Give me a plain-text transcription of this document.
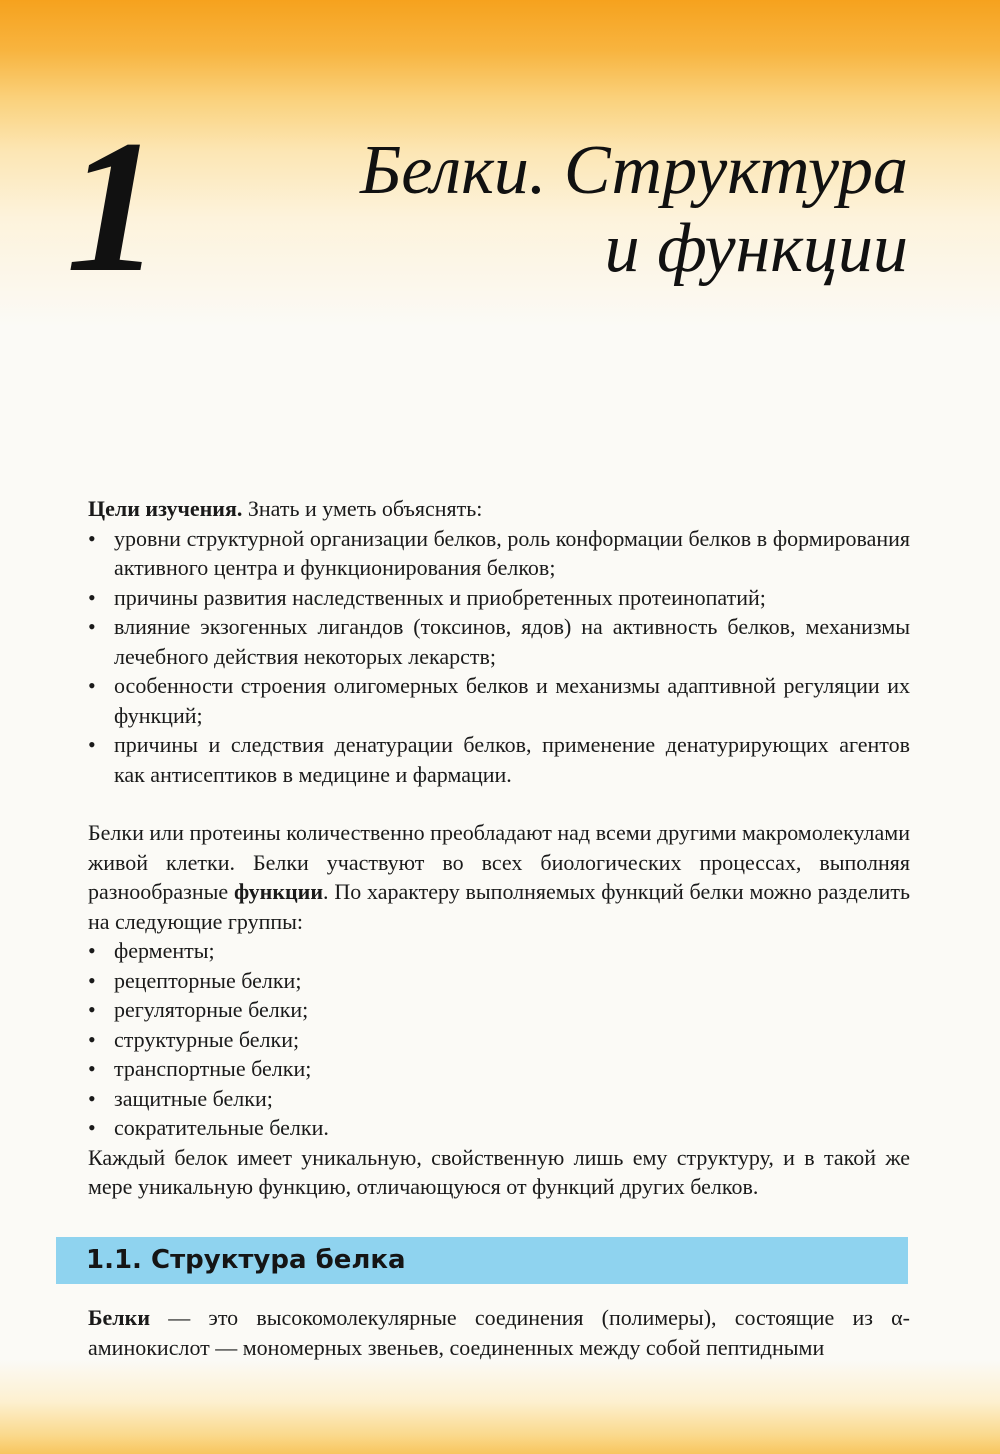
1	Белки. Структура
и функции

Цели изучения. Знать и уметь объяснять:

• уровни структурной организации белков, роль конформации белков в формирования активного центра и функционирования белков;
• причины развития наследственных и приобретенных протеинопатий;
• влияние экзогенных лигандов (токсинов, ядов) на активность белков, механизмы лечебного действия некоторых лекарств;
• особенности строения олигомерных белков и механизмы адаптивной регуляции их функций;
• причины и следствия денатурации белков, применение денатурирующих агентов как антисептиков в медицине и фармации.

Белки или протеины количественно преобладают над всеми другими макромолекулами живой клетки. Белки участвуют во всех биологических процессах, выполняя разнообразные функции. По характеру выполняемых функций белки можно разделить на следующие группы:

• ферменты;
• рецепторные белки;
• регуляторные белки;
• структурные белки;
• транспортные белки;
• защитные белки;
• сократительные белки.

Каждый белок имеет уникальную, свойственную лишь ему структуру, и в такой же мере уникальную функцию, отличающуюся от функций других белков.

1.1. Структура белка

Белки — это высокомолекулярные соединения (полимеры), состоящие из α-аминокислот — мономерных звеньев, соединенных между собой пептидными
